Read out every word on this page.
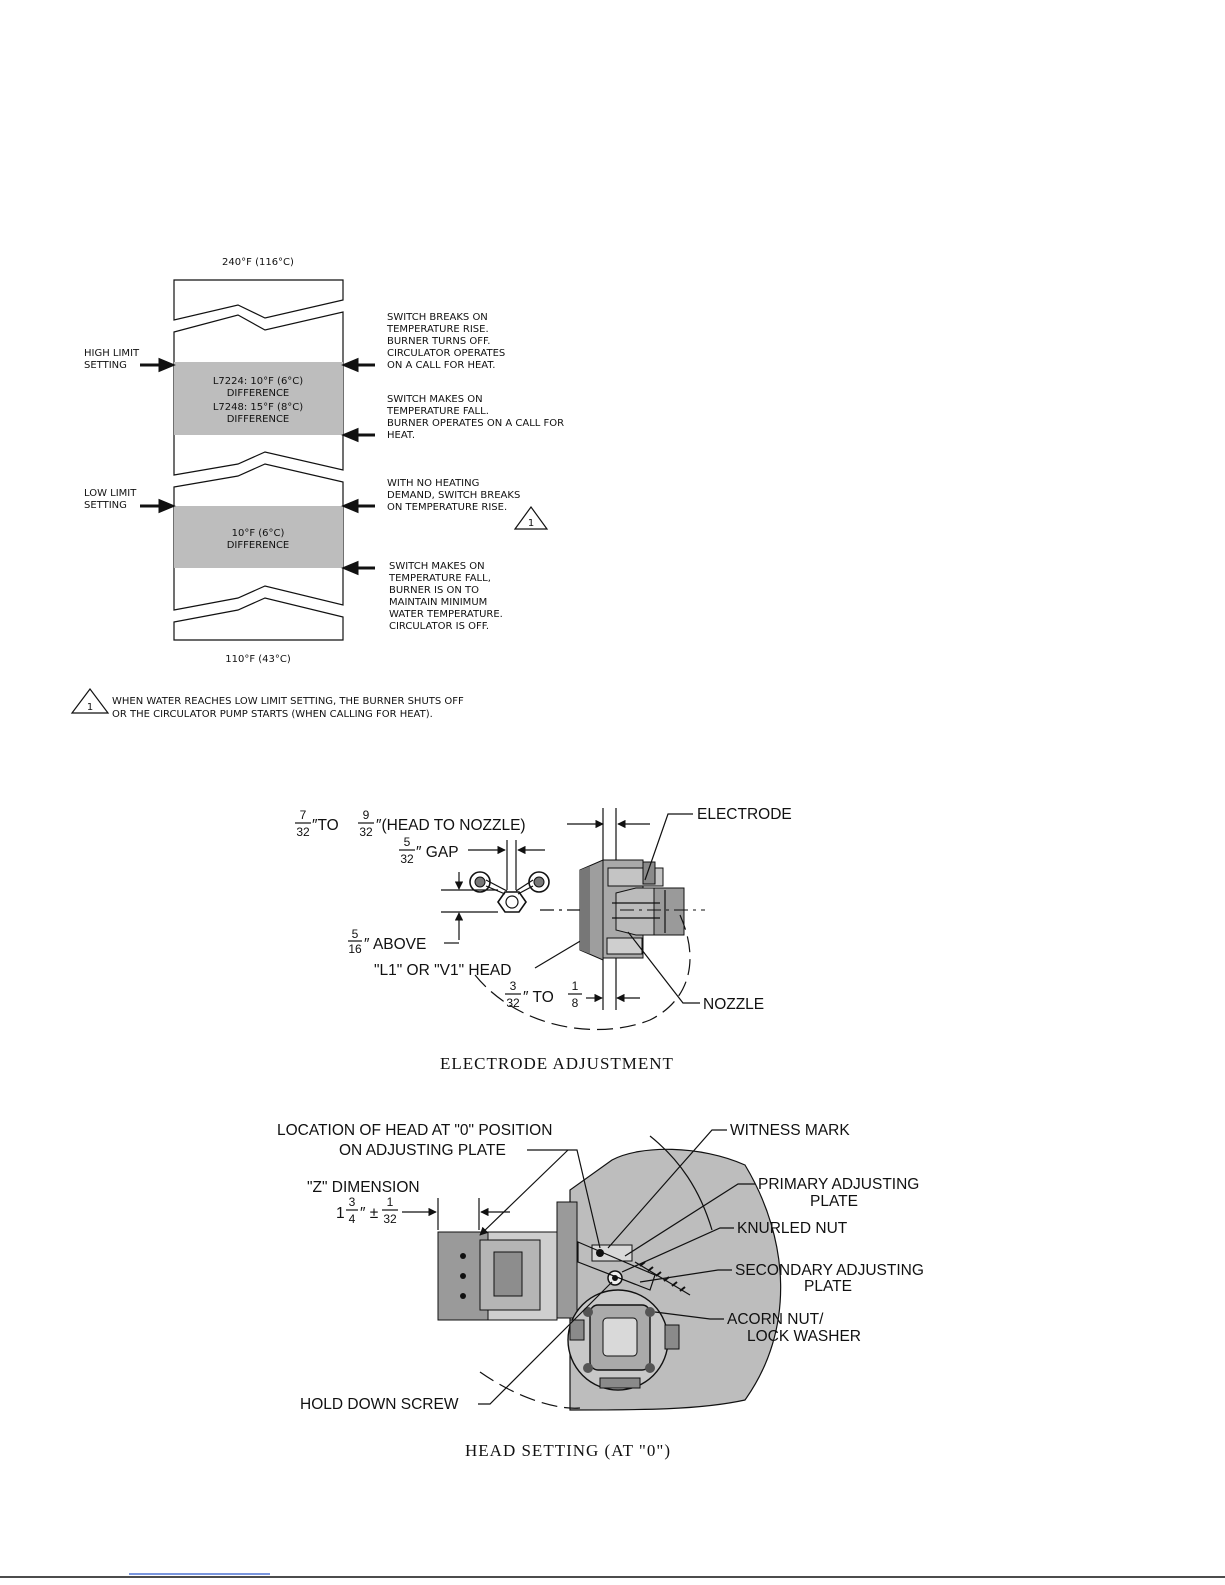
240°F (116°C)
110°F (43°C)
L7224: 10°F (6°C)
DIFFERENCE
L7248: 15°F (8°C)
DIFFERENCE
10°F (6°C)
DIFFERENCE
HIGH LIMIT
SETTING
LOW LIMIT
SETTING
SWITCH BREAKS ON
TEMPERATURE RISE.
BURNER TURNS OFF.
CIRCULATOR OPERATES
ON A CALL FOR HEAT.
SWITCH MAKES ON
TEMPERATURE FALL.
BURNER OPERATES ON A CALL FOR
HEAT.
WITH NO HEATING
DEMAND, SWITCH BREAKS
ON TEMPERATURE RISE.
1
SWITCH MAKES ON
TEMPERATURE FALL,
BURNER IS ON TO
MAINTAIN MINIMUM
WATER TEMPERATURE.
CIRCULATOR IS OFF.
1
WHEN WATER REACHES LOW LIMIT SETTING, THE BURNER SHUTS OFF
OR THE CIRCULATOR PUMP STARTS (WHEN CALLING FOR HEAT).
7
32 ″TO
9
32 ″(HEAD TO NOZZLE)
5
32 ″ GAP
5
16 ″ ABOVE
"L1" OR "V1" HEAD
ELECTRODE
NOZZLE
3
32 ″ TO
1
8
ELECTRODE ADJUSTMENT
LOCATION OF HEAD AT "0" POSITION
ON ADJUSTING PLATE
"Z" DIMENSION
1
3
4 ″ ±
1
32
WITNESS MARK
PRIMARY ADJUSTING
PLATE
KNURLED NUT
SECONDARY ADJUSTING
PLATE
ACORN NUT/
LOCK WASHER
HOLD DOWN SCREW
HEAD SETTING (AT "0")
